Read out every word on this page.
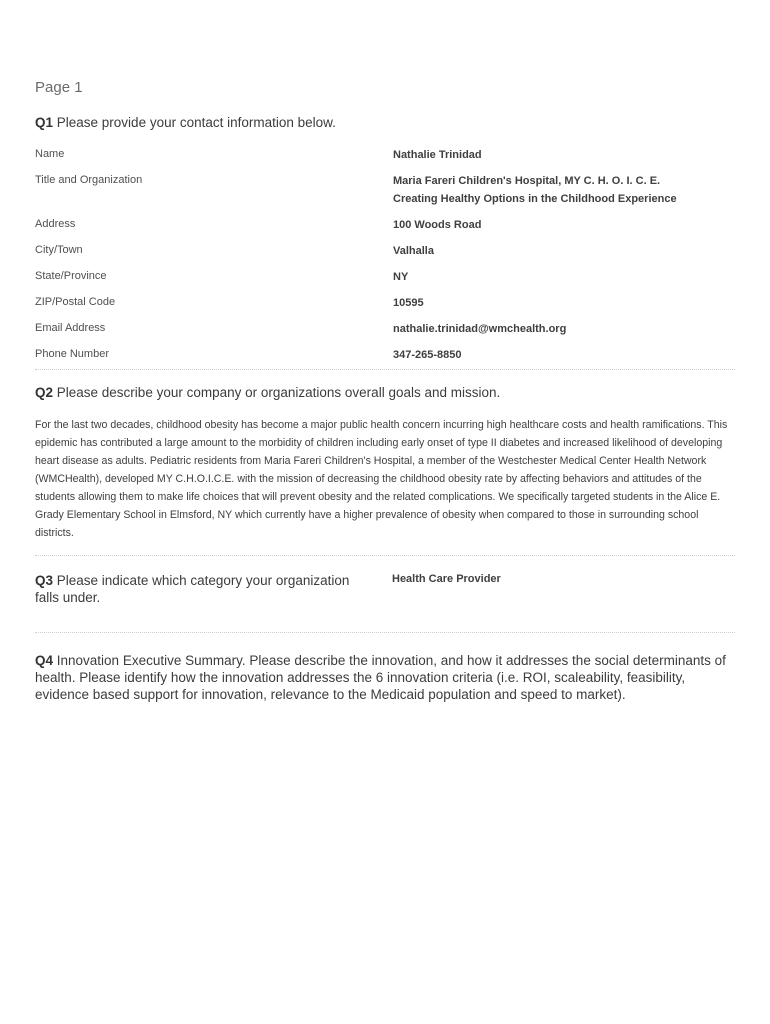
Page 1
Q1 Please provide your contact information below.
Name	Nathalie Trinidad
Title and Organization	Maria Fareri Children's Hospital, MY C. H. O. I. C. E.
Creating Healthy Options in the Childhood Experience
Address	100 Woods Road
City/Town	Valhalla
State/Province	NY
ZIP/Postal Code	10595
Email Address	nathalie.trinidad@wmchealth.org
Phone Number	347-265-8850
Q2 Please describe your company or organizations overall goals and mission.
For the last two decades, childhood obesity has become a major public health concern incurring high healthcare costs and health ramifications. This epidemic has contributed a large amount to the morbidity of children including early onset of type II diabetes and increased likelihood of developing heart disease as adults. Pediatric residents from Maria Fareri Children's Hospital, a member of the Westchester Medical Center Health Network (WMCHealth), developed MY C.H.O.I.C.E. with the mission of decreasing the childhood obesity rate by affecting behaviors and attitudes of the students allowing them to make life choices that will prevent obesity and the related complications. We specifically targeted students in the Alice E. Grady Elementary School in Elmsford, NY which currently have a higher prevalence of obesity when compared to those in surrounding school districts.
Q3 Please indicate which category your organization falls under.
Health Care Provider
Q4 Innovation Executive Summary. Please describe the innovation, and how it addresses the social determinants of health. Please identify how the innovation addresses the 6 innovation criteria (i.e. ROI, scaleability, feasibility, evidence based support for innovation, relevance to the Medicaid population and speed to market).
